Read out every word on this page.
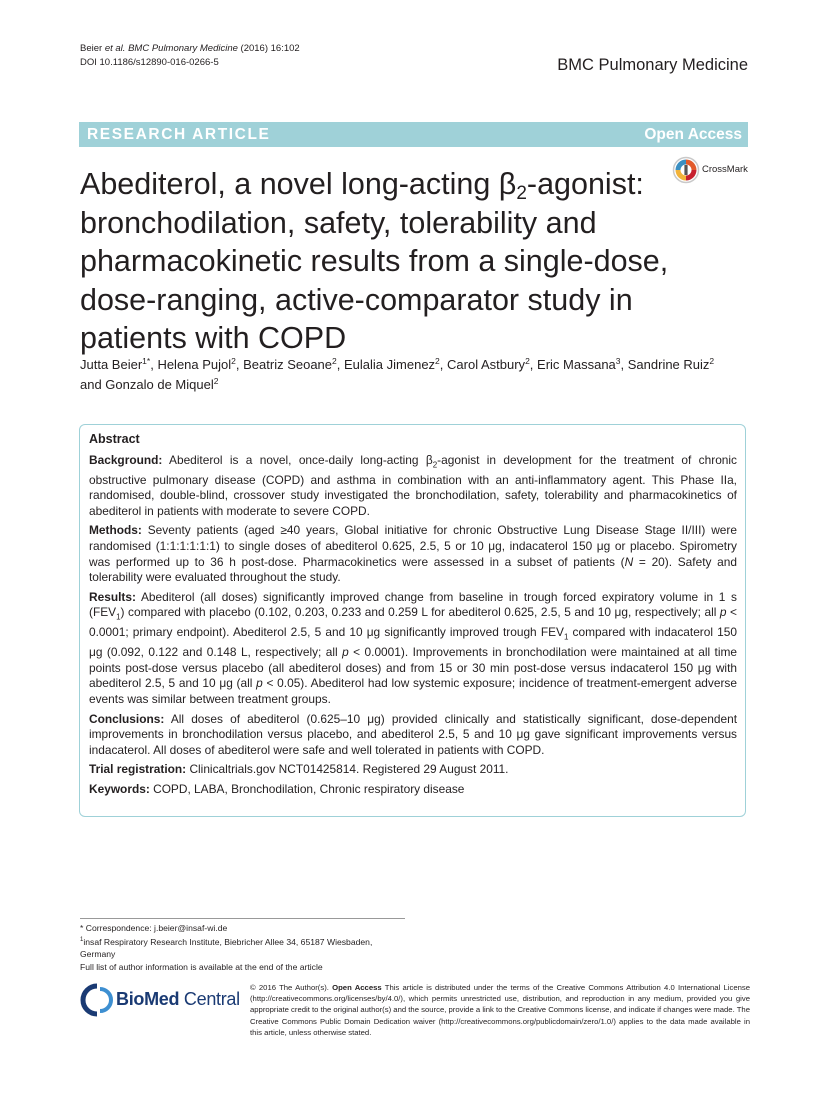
Beier et al. BMC Pulmonary Medicine (2016) 16:102
DOI 10.1186/s12890-016-0266-5	BMC Pulmonary Medicine
RESEARCH ARTICLE	Open Access
CrossMark
Abediterol, a novel long-acting $\beta_2$-agonist: bronchodilation, safety, tolerability and pharmacokinetic results from a single-dose, dose-ranging, active-comparator study in patients with COPD
Jutta Beier$^{1*}$, Helena Pujol$^2$, Beatriz Seoane$^2$, Eulalia Jimenez$^2$, Carol Astbury$^2$, Eric Massana$^3$, Sandrine Ruiz$^2$
and Gonzalo de Miquel$^2$
Abstract

Background: Abediterol is a novel, once-daily long-acting $\beta_2$-agonist in development for the treatment of chronic obstructive pulmonary disease (COPD) and asthma in combination with an anti-inflammatory agent. This Phase IIa, randomised, double-blind, crossover study investigated the bronchodilation, safety, tolerability and pharmacokinetics of abediterol in patients with moderate to severe COPD.

Methods: Seventy patients (aged ≥40 years, Global initiative for chronic Obstructive Lung Disease Stage II/III) were randomised (1:1:1:1:1:1) to single doses of abediterol 0.625, 2.5, 5 or 10 μg, indacaterol 150 μg or placebo. Spirometry was performed up to 36 h post-dose. Pharmacokinetics were assessed in a subset of patients (N = 20). Safety and tolerability were evaluated throughout the study.

Results: Abediterol (all doses) significantly improved change from baseline in trough forced expiratory volume in 1 s $(FEV_1)$ compared with placebo (0.102, 0.203, 0.233 and 0.259 L for abediterol 0.625, 2.5, 5 and 10 μg, respectively; all p < 0.0001; primary endpoint). Abediterol 2.5, 5 and 10 μg significantly improved trough $FEV_1$ compared with indacaterol 150 μg (0.092, 0.122 and 0.148 L, respectively; all p < 0.0001). Improvements in bronchodilation were maintained at all time points post-dose versus placebo (all abediterol doses) and from 15 or 30 min post-dose versus indacaterol 150 μg with abediterol 2.5, 5 and 10 μg (all p < 0.05). Abediterol had low systemic exposure; incidence of treatment-emergent adverse events was similar between treatment groups.

Conclusions: All doses of abediterol (0.625–10 μg) provided clinically and statistically significant, dose-dependent improvements in bronchodilation versus placebo, and abediterol 2.5, 5 and 10 μg gave significant improvements versus indacaterol. All doses of abediterol were safe and well tolerated in patients with COPD.

Trial registration: Clinicaltrials.gov NCT01425814. Registered 29 August 2011.

Keywords: COPD, LABA, Bronchodilation, Chronic respiratory disease

* Correspondence: j.beier@insaf-wi.de
$^1$insaf Respiratory Research Institute, Biebricher Allee 34, 65187 Wiesbaden, Germany
Full list of author information is available at the end of the article
BioMed Central
© 2016 The Author(s). Open Access This article is distributed under the terms of the Creative Commons Attribution 4.0 International License (http://creativecommons.org/licenses/by/4.0/), which permits unrestricted use, distribution, and reproduction in any medium, provided you give appropriate credit to the original author(s) and the source, provide a link to the Creative Commons license, and indicate if changes were made. The Creative Commons Public Domain Dedication waiver (http://creativecommons.org/publicdomain/zero/1.0/) applies to the data made available in this article, unless otherwise stated.
